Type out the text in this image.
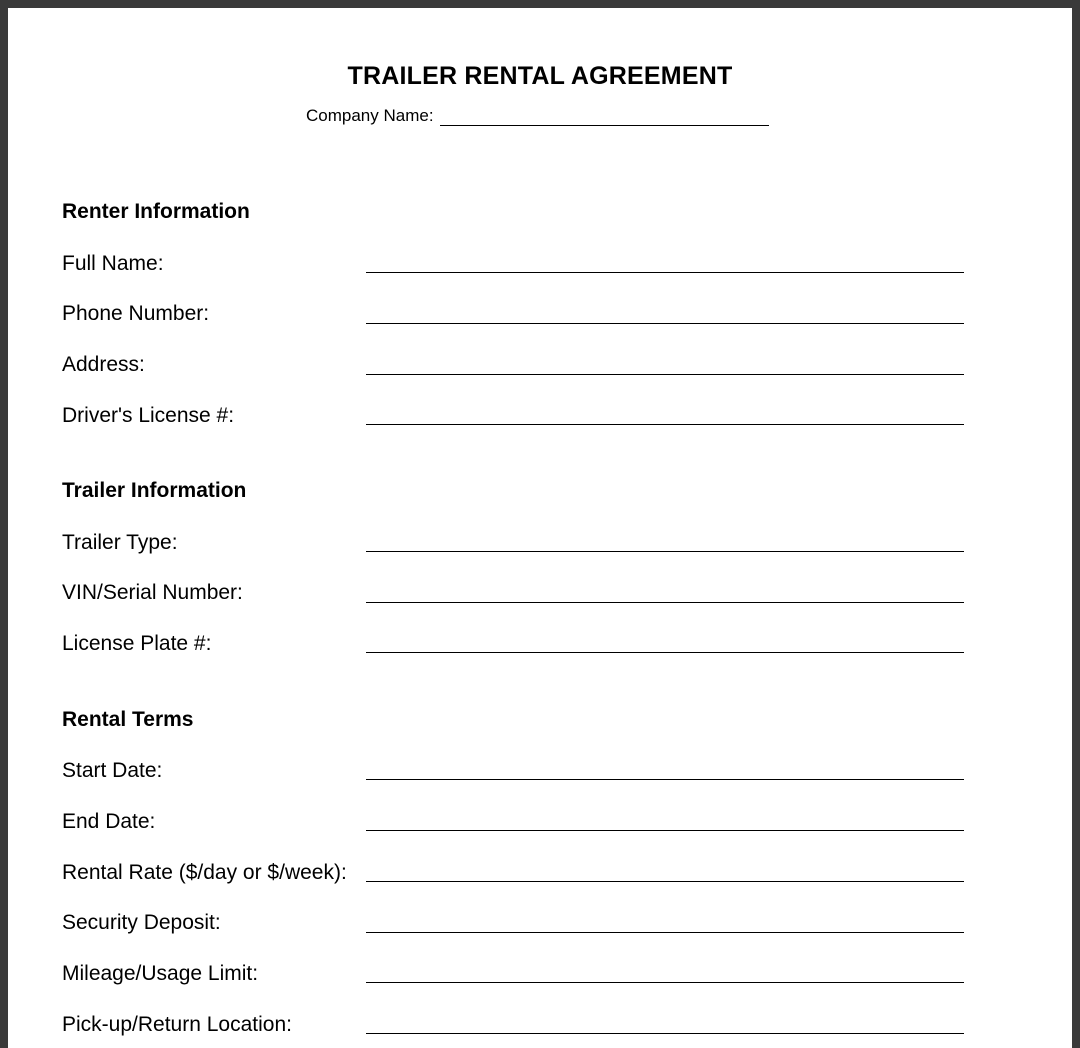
TRAILER RENTAL AGREEMENT
Company Name:
Renter Information
Full Name:
Phone Number:
Address:
Driver's License #:
Trailer Information
Trailer Type:
VIN/Serial Number:
License Plate #:
Rental Terms
Start Date:
End Date:
Rental Rate ($/day or $/week):
Security Deposit:
Mileage/Usage Limit:
Pick-up/Return Location:
